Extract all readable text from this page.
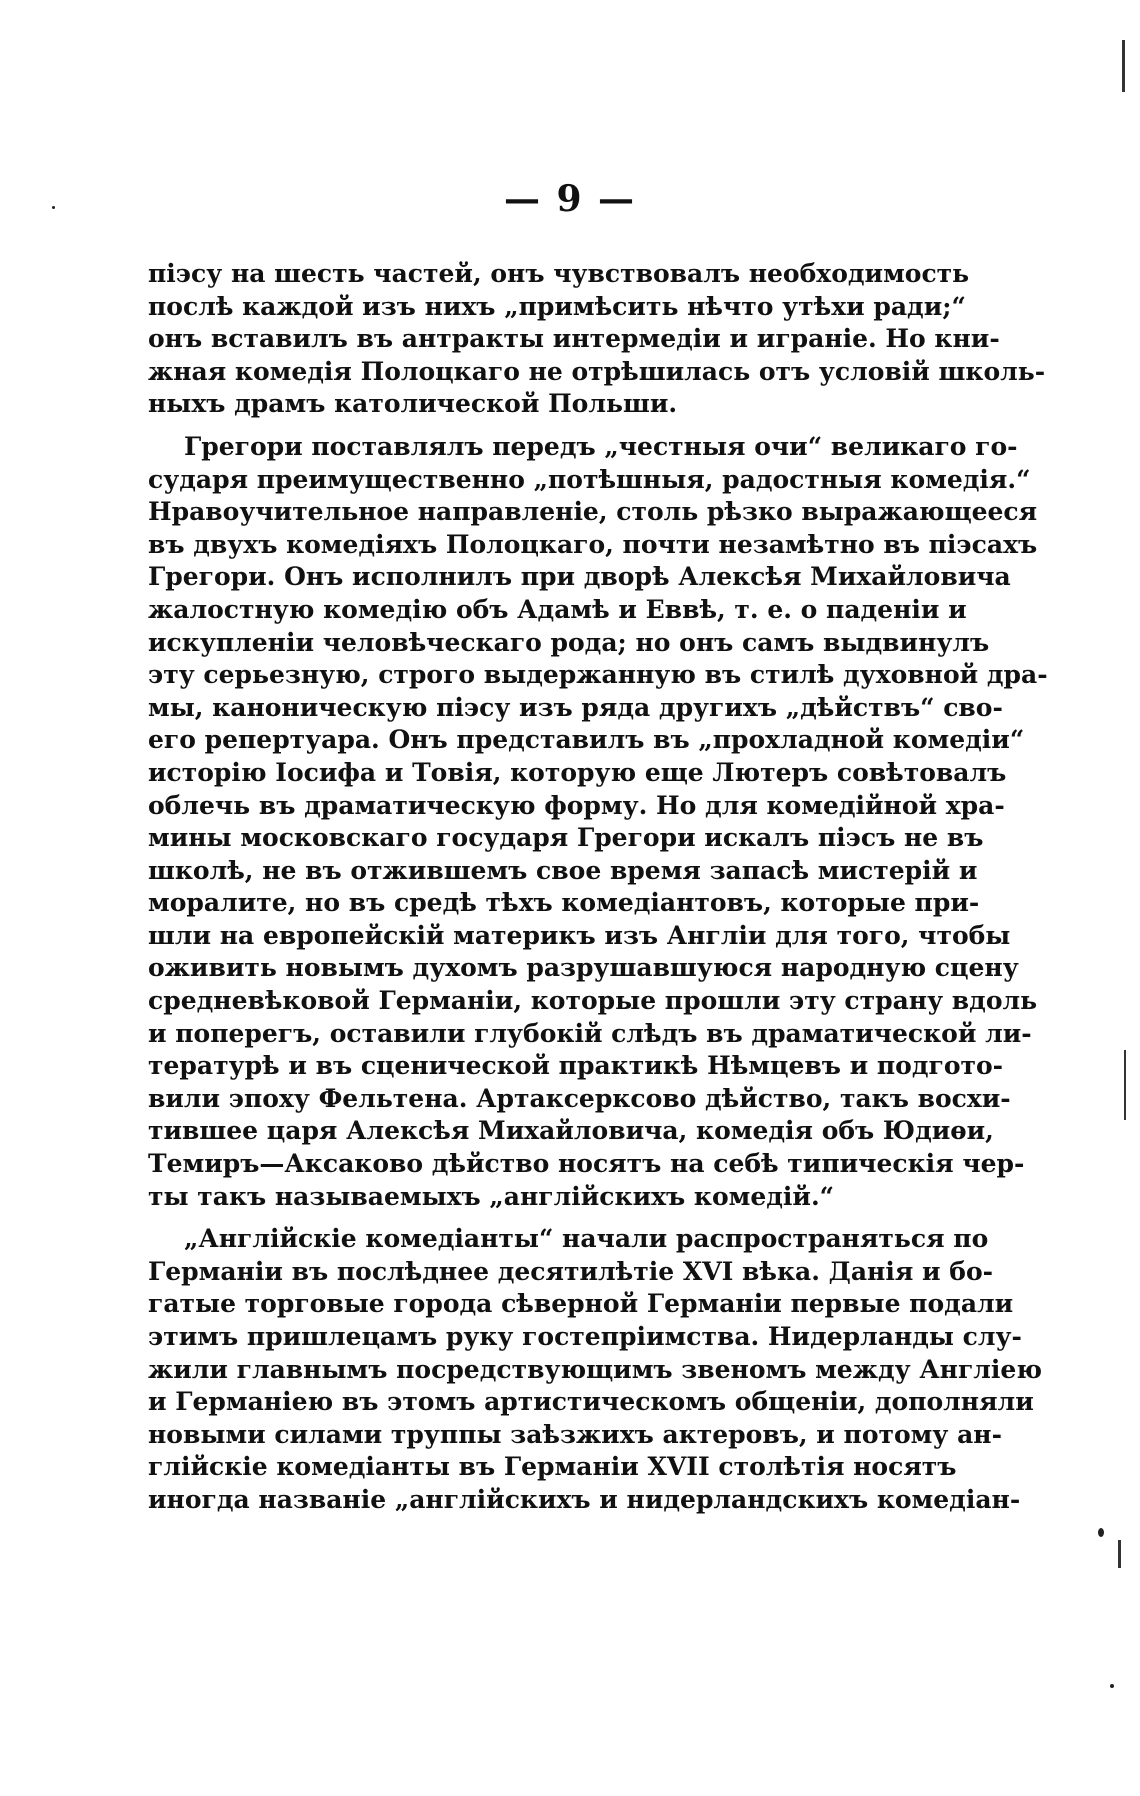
— 9 —
піэсу на шесть частей, онъ чувствовалъ необходимость
послѣ каждой изъ нихъ „примѣсить нѣчто утѣхи ради;“
онъ вставилъ въ антракты интермедіи и играніе. Но кни-
жная комедія Полоцкаго не отрѣшилась отъ условій школь-
ныхъ драмъ католической Польши.
Грегори поставлялъ передъ „честныя очи“ великаго го-
сударя преимущественно „потѣшныя, радостныя комедія.“
Нравоучительное направленіе, столь рѣзко выражающееся
въ двухъ комедіяхъ Полоцкаго, почти незамѣтно въ піэсахъ
Грегори. Онъ исполнилъ при дворѣ Алексѣя Михайловича
жалостную комедію объ Адамѣ и Еввѣ, т. е. о паденіи и
искупленіи человѣческаго рода; но онъ самъ выдвинулъ
эту серьезную, строго выдержанную въ стилѣ духовной дра-
мы, каноническую піэсу изъ ряда другихъ „дѣйствъ“ сво-
его репертуара. Онъ представилъ въ „прохладной комедіи“
исторію Іосифа и Товія, которую еще Лютеръ совѣтовалъ
облечь въ драматическую форму. Но для комедійной хра-
мины московскаго государя Грегори искалъ піэсъ не въ
школѣ, не въ отжившемъ свое время запасѣ мистерій и
моралите, но въ средѣ тѣхъ комедіантовъ, которые при-
шли на европейскій материкъ изъ Англіи для того, чтобы
оживить новымъ духомъ разрушавшуюся народную сцену
средневѣковой Германіи, которые прошли эту страну вдоль
и поперегъ, оставили глубокій слѣдъ въ драматической ли-
тературѣ и въ сценической практикѣ Нѣмцевъ и подгото-
вили эпоху Фельтена. Артаксерксово дѣйство, такъ восхи-
тившее царя Алексѣя Михайловича, комедія объ Юдиѳи,
Темиръ—Аксаково дѣйство носятъ на себѣ типическія чер-
ты такъ называемыхъ „англійскихъ комедій.“
„Англійскіе комедіанты“ начали распространяться по
Германіи въ послѣднее десятилѣтіе XVI вѣка. Данія и бо-
гатые торговые города сѣверной Германіи первые подали
этимъ пришлецамъ руку гостепріимства. Нидерланды слу-
жили главнымъ посредствующимъ звеномъ между Англіею
и Германіею въ этомъ артистическомъ общеніи, дополняли
новыми силами труппы заѣзжихъ актеровъ, и потому ан-
глійскіе комедіанты въ Германіи XVII столѣтія носятъ
иногда названіе „англійскихъ и нидерландскихъ комедіан-
